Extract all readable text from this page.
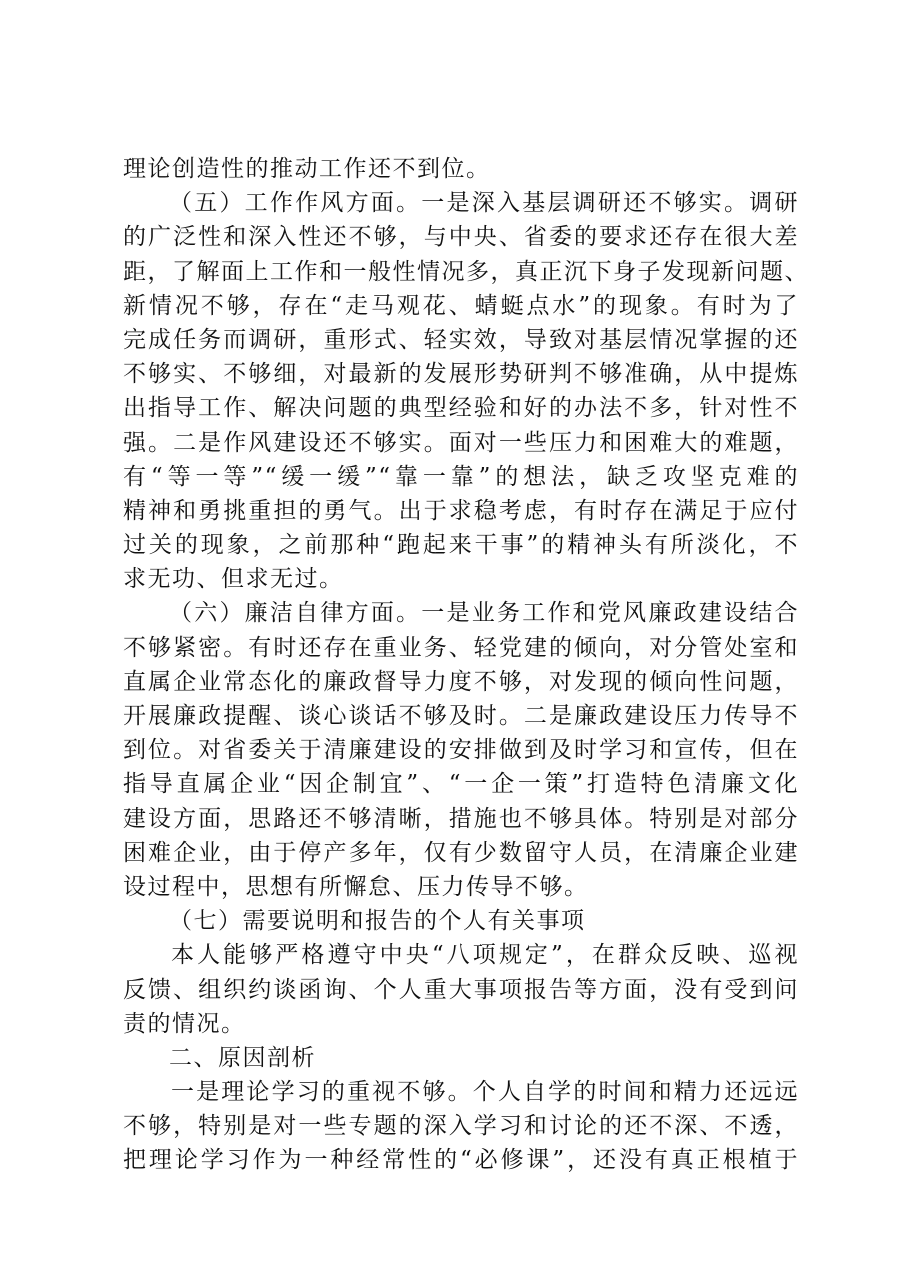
理论创造性的推动工作还不到位。
（五）工作作风方面。一是深入基层调研还不够实。调研
的广泛性和深入性还不够，与中央、省委的要求还存在很大差
距，了解面上工作和一般性情况多，真正沉下身子发现新问题、
新情况不够，存在“走马观花、蜻蜓点水”的现象。有时为了
完成任务而调研，重形式、轻实效，导致对基层情况掌握的还
不够实、不够细，对最新的发展形势研判不够准确，从中提炼
出指导工作、解决问题的典型经验和好的办法不多，针对性不
强。二是作风建设还不够实。面对一些压力和困难大的难题，
有“等一等”“缓一缓”“靠一靠”的想法，缺乏攻坚克难的
精神和勇挑重担的勇气。出于求稳考虑，有时存在满足于应付
过关的现象，之前那种“跑起来干事”的精神头有所淡化，不
求无功、但求无过。
（六）廉洁自律方面。一是业务工作和党风廉政建设结合
不够紧密。有时还存在重业务、轻党建的倾向，对分管处室和
直属企业常态化的廉政督导力度不够，对发现的倾向性问题，
开展廉政提醒、谈心谈话不够及时。二是廉政建设压力传导不
到位。对省委关于清廉建设的安排做到及时学习和宣传，但在
指导直属企业“因企制宜”、“一企一策”打造特色清廉文化
建设方面，思路还不够清晰，措施也不够具体。特别是对部分
困难企业，由于停产多年，仅有少数留守人员，在清廉企业建
设过程中，思想有所懈怠、压力传导不够。
（七）需要说明和报告的个人有关事项
本人能够严格遵守中央“八项规定”，在群众反映、巡视
反馈、组织约谈函询、个人重大事项报告等方面，没有受到问
责的情况。
二、原因剖析
一是理论学习的重视不够。个人自学的时间和精力还远远
不够，特别是对一些专题的深入学习和讨论的还不深、不透，
把理论学习作为一种经常性的“必修课”，还没有真正根植于
